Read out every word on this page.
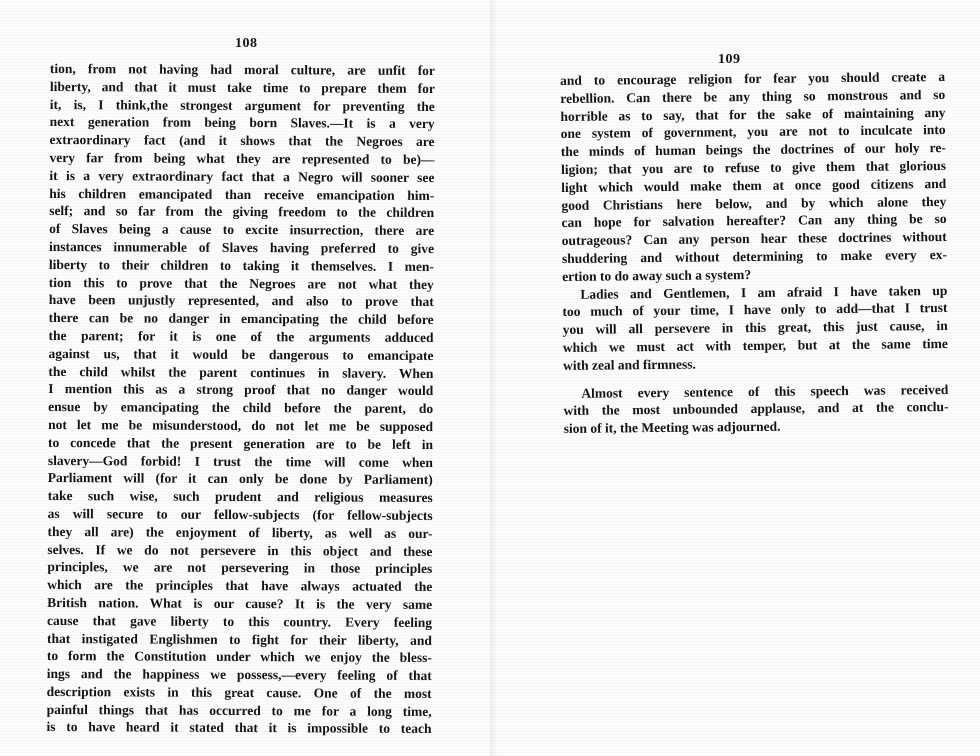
108
109
tion, from not having had moral culture, are unfit for
liberty, and that it must take time to prepare them for
it, is, I think,the strongest argument for preventing the
next generation from being born Slaves.—It is a very
extraordinary fact (and it shows that the Negroes are
very far from being what they are represented to be)—
it is a very extraordinary fact that a Negro will sooner see
his children emancipated than receive emancipation him-
self; and so far from the giving freedom to the children
of Slaves being a cause to excite insurrection, there are
instances innumerable of Slaves having preferred to give
liberty to their children to taking it themselves. I men-
tion this to prove that the Negroes are not what they
have been unjustly represented, and also to prove that
there can be no danger in emancipating the child before
the parent; for it is one of the arguments adduced
against us, that it would be dangerous to emancipate
the child whilst the parent continues in slavery. When
I mention this as a strong proof that no danger would
ensue by emancipating the child before the parent, do
not let me be misunderstood, do not let me be supposed
to concede that the present generation are to be left in
slavery—God forbid! I trust the time will come when
Parliament will (for it can only be done by Parliament)
take such wise, such prudent and religious measures
as will secure to our fellow-subjects (for fellow-subjects
they all are) the enjoyment of liberty, as well as our-
selves. If we do not persevere in this object and these
principles, we are not persevering in those principles
which are the principles that have always actuated the
British nation. What is our cause? It is the very same
cause that gave liberty to this country. Every feeling
that instigated Englishmen to fight for their liberty, and
to form the Constitution under which we enjoy the bless-
ings and the happiness we possess,—every feeling of that
description exists in this great cause. One of the most
painful things that has occurred to me for a long time,
is to have heard it stated that it is impossible to teach
and to encourage religion for fear you should create a
rebellion. Can there be any thing so monstrous and so
horrible as to say, that for the sake of maintaining any
one system of government, you are not to inculcate into
the minds of human beings the doctrines of our holy re-
ligion; that you are to refuse to give them that glorious
light which would make them at once good citizens and
good Christians here below, and by which alone they
can hope for salvation hereafter? Can any thing be so
outrageous? Can any person hear these doctrines without
shuddering and without determining to make every ex-
ertion to do away such a system?
Ladies and Gentlemen, I am afraid I have taken up
too much of your time, I have only to add—that I trust
you will all persevere in this great, this just cause, in
which we must act with temper, but at the same time
with zeal and firmness.
Almost every sentence of this speech was received
with the most unbounded applause, and at the conclu-
sion of it, the Meeting was adjourned.
